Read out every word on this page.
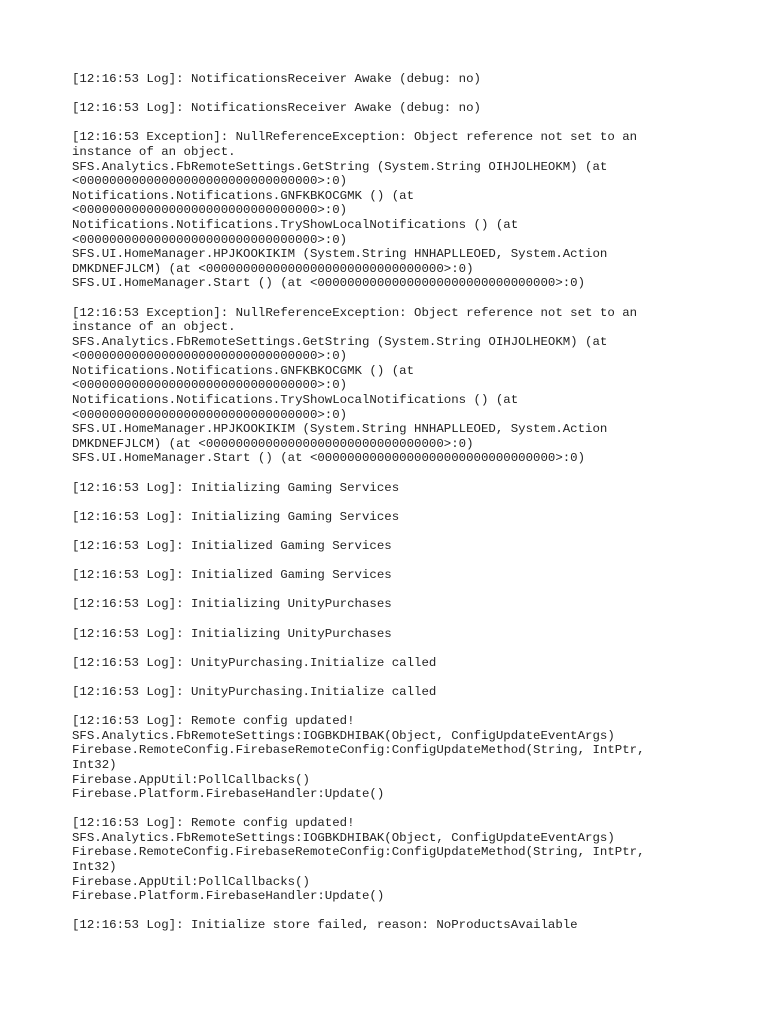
[12:16:53 Log]: NotificationsReceiver Awake (debug: no)
[12:16:53 Log]: NotificationsReceiver Awake (debug: no)
[12:16:53 Exception]: NullReferenceException: Object reference not set to an
instance of an object.
SFS.Analytics.FbRemoteSettings.GetString (System.String OIHJOLHEOKM) (at
<00000000000000000000000000000000>:0)
Notifications.Notifications.GNFKBKOCGMK () (at
<00000000000000000000000000000000>:0)
Notifications.Notifications.TryShowLocalNotifications () (at
<00000000000000000000000000000000>:0)
SFS.UI.HomeManager.HPJKOOKIKIM (System.String HNHAPLLEOED, System.Action
DMKDNEFJLCM) (at <00000000000000000000000000000000>:0)
SFS.UI.HomeManager.Start () (at <00000000000000000000000000000000>:0)
[12:16:53 Exception]: NullReferenceException: Object reference not set to an
instance of an object.
SFS.Analytics.FbRemoteSettings.GetString (System.String OIHJOLHEOKM) (at
<00000000000000000000000000000000>:0)
Notifications.Notifications.GNFKBKOCGMK () (at
<00000000000000000000000000000000>:0)
Notifications.Notifications.TryShowLocalNotifications () (at
<00000000000000000000000000000000>:0)
SFS.UI.HomeManager.HPJKOOKIKIM (System.String HNHAPLLEOED, System.Action
DMKDNEFJLCM) (at <00000000000000000000000000000000>:0)
SFS.UI.HomeManager.Start () (at <00000000000000000000000000000000>:0)
[12:16:53 Log]: Initializing Gaming Services
[12:16:53 Log]: Initializing Gaming Services
[12:16:53 Log]: Initialized Gaming Services
[12:16:53 Log]: Initialized Gaming Services
[12:16:53 Log]: Initializing UnityPurchases
[12:16:53 Log]: Initializing UnityPurchases
[12:16:53 Log]: UnityPurchasing.Initialize called
[12:16:53 Log]: UnityPurchasing.Initialize called
[12:16:53 Log]: Remote config updated!
SFS.Analytics.FbRemoteSettings:IOGBKDHIBAK(Object, ConfigUpdateEventArgs)
Firebase.RemoteConfig.FirebaseRemoteConfig:ConfigUpdateMethod(String, IntPtr,
Int32)
Firebase.AppUtil:PollCallbacks()
Firebase.Platform.FirebaseHandler:Update()
[12:16:53 Log]: Remote config updated!
SFS.Analytics.FbRemoteSettings:IOGBKDHIBAK(Object, ConfigUpdateEventArgs)
Firebase.RemoteConfig.FirebaseRemoteConfig:ConfigUpdateMethod(String, IntPtr,
Int32)
Firebase.AppUtil:PollCallbacks()
Firebase.Platform.FirebaseHandler:Update()
[12:16:53 Log]: Initialize store failed, reason: NoProductsAvailable
